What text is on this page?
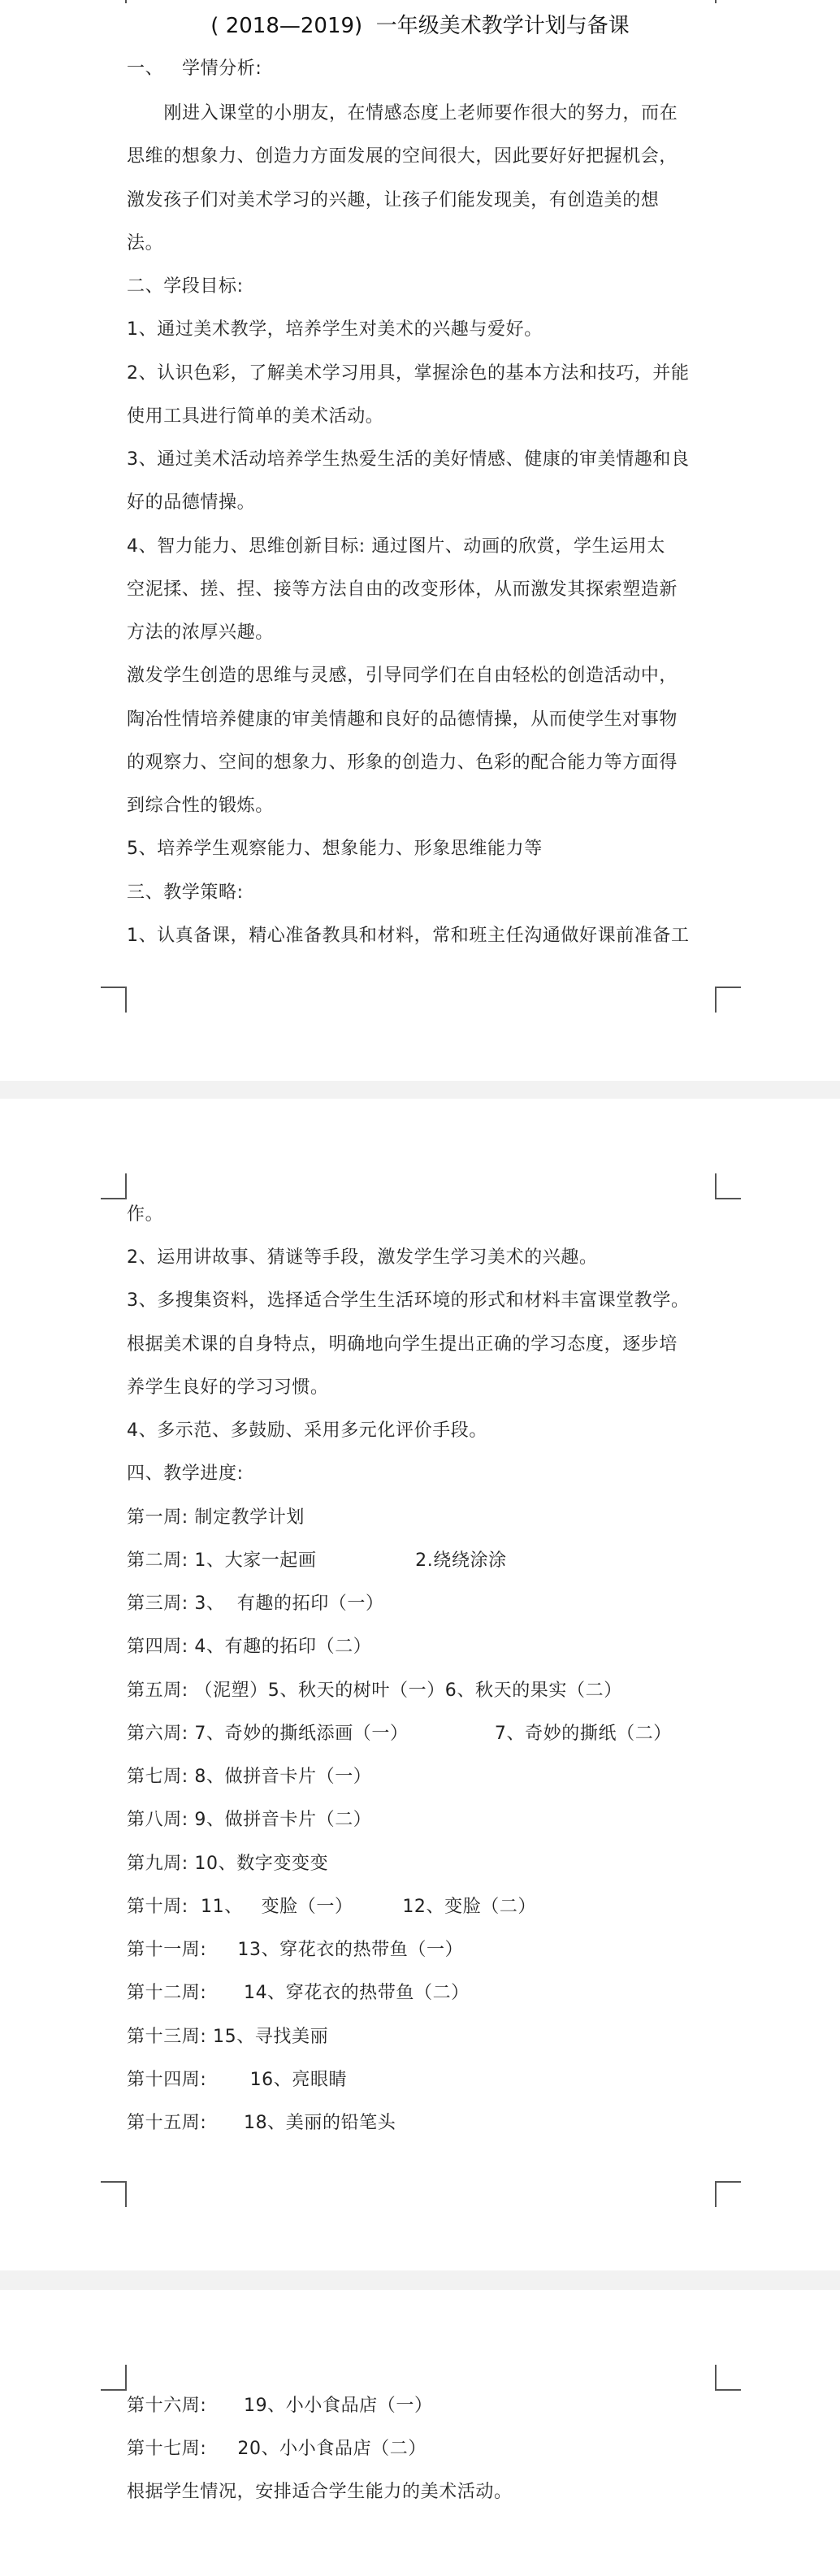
( 2018—2019)  一年级美术教学计划与备课
一、   学情分析:
刚进入课堂的小朋友，在情感态度上老师要作很大的努力，而在
思维的想象力、创造力方面发展的空间很大，因此要好好把握机会，
激发孩子们对美术学习的兴趣，让孩子们能发现美，有创造美的想
法。
二、学段目标:
1、通过美术教学，培养学生对美术的兴趣与爱好。
2、认识色彩，了解美术学习用具，掌握涂色的基本方法和技巧，并能
使用工具进行简单的美术活动。
3、通过美术活动培养学生热爱生活的美好情感、健康的审美情趣和良
好的品德情操。
4、智力能力、思维创新目标: 通过图片、动画的欣赏，学生运用太
空泥揉、搓、捏、接等方法自由的改变形体，从而激发其探索塑造新
方法的浓厚兴趣。
激发学生创造的思维与灵感，引导同学们在自由轻松的创造活动中，
陶冶性情培养健康的审美情趣和良好的品德情操，从而使学生对事物
的观察力、空间的想象力、形象的创造力、色彩的配合能力等方面得
到综合性的锻炼。
5、培养学生观察能力、想象能力、形象思维能力等
三、教学策略:
1、认真备课，精心准备教具和材料，常和班主任沟通做好课前准备工
作。
2、运用讲故事、猜谜等手段，激发学生学习美术的兴趣。
3、多搜集资料，选择适合学生生活环境的形式和材料丰富课堂教学。
根据美术课的自身特点，明确地向学生提出正确的学习态度，逐步培
养学生良好的学习习惯。
4、多示范、多鼓励、采用多元化评价手段。
四、教学进度:
第一周: 制定教学计划
第二周: 1、大家一起画                2.绕绕涂涂
第三周: 3、  有趣的拓印（一）
第四周: 4、有趣的拓印（二）
第五周: （泥塑）5、秋天的树叶（一）6、秋天的果实（二）
第六周: 7、奇妙的撕纸添画（一）              7、奇妙的撕纸（二）
第七周: 8、做拼音卡片（一）
第八周: 9、做拼音卡片（二）
第九周: 10、数字变变变
第十周:  11、   变脸（一）        12、变脸（二）
第十一周:     13、穿花衣的热带鱼（一）
第十二周:      14、穿花衣的热带鱼（二）
第十三周: 15、寻找美丽
第十四周:       16、亮眼睛
第十五周:      18、美丽的铅笔头
第十六周:      19、小小食品店（一）
第十七周:     20、小小食品店（二）
根据学生情况，安排适合学生能力的美术活动。
